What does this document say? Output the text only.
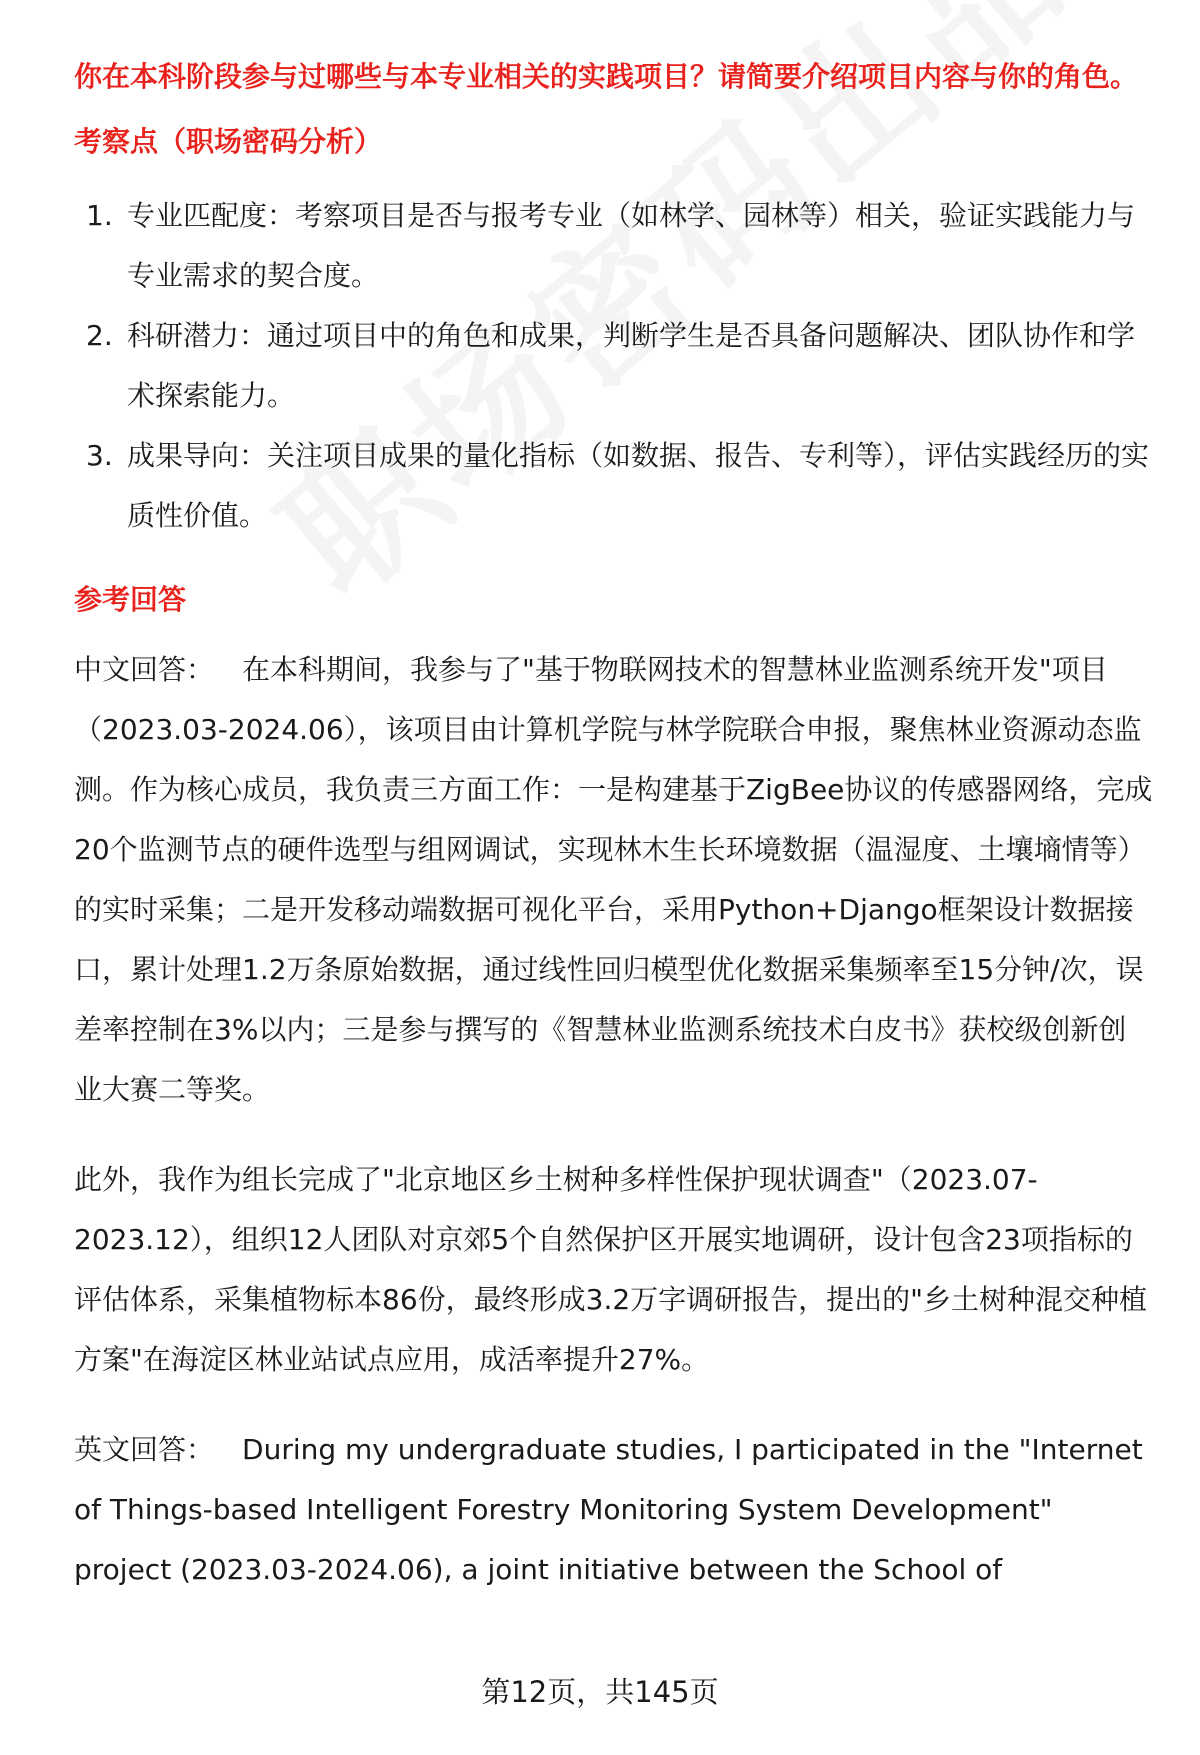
你在本科阶段参与过哪些与本专业相关的实践项目？请简要介绍项目内容与你的角色。

考察点（职场密码分析）

1. 专业匹配度：考察项目是否与报考专业（如林学、园林等）相关，验证实践能力与专业需求的契合度。
2. 科研潜力：通过项目中的角色和成果，判断学生是否具备问题解决、团队协作和学术探索能力。
3. 成果导向：关注项目成果的量化指标（如数据、报告、专利等），评估实践经历的实质性价值。

参考回答

中文回答： 在本科期间，我参与了"基于物联网技术的智慧林业监测系统开发"项目（2023.03-2024.06），该项目由计算机学院与林学院联合申报，聚焦林业资源动态监测。作为核心成员，我负责三方面工作：一是构建基于ZigBee协议的传感器网络，完成20个监测节点的硬件选型与组网调试，实现林木生长环境数据（温湿度、土壤墒情等）的实时采集；二是开发移动端数据可视化平台，采用Python+Django框架设计数据接口，累计处理1.2万条原始数据，通过线性回归模型优化数据采集频率至15分钟/次，误差率控制在3%以内；三是参与撰写的《智慧林业监测系统技术白皮书》获校级创新创业大赛二等奖。

此外，我作为组长完成了"北京地区乡土树种多样性保护现状调查"（2023.07-2023.12），组织12人团队对京郊5个自然保护区开展实地调研，设计包含23项指标的评估体系，采集植物标本86份，最终形成3.2万字调研报告，提出的"乡土树种混交种植方案"在海淀区林业站试点应用，成活率提升27%。

英文回答： During my undergraduate studies, I participated in the "Internet of Things-based Intelligent Forestry Monitoring System Development" project (2023.03-2024.06), a joint initiative between the School of

第12页，共145页
